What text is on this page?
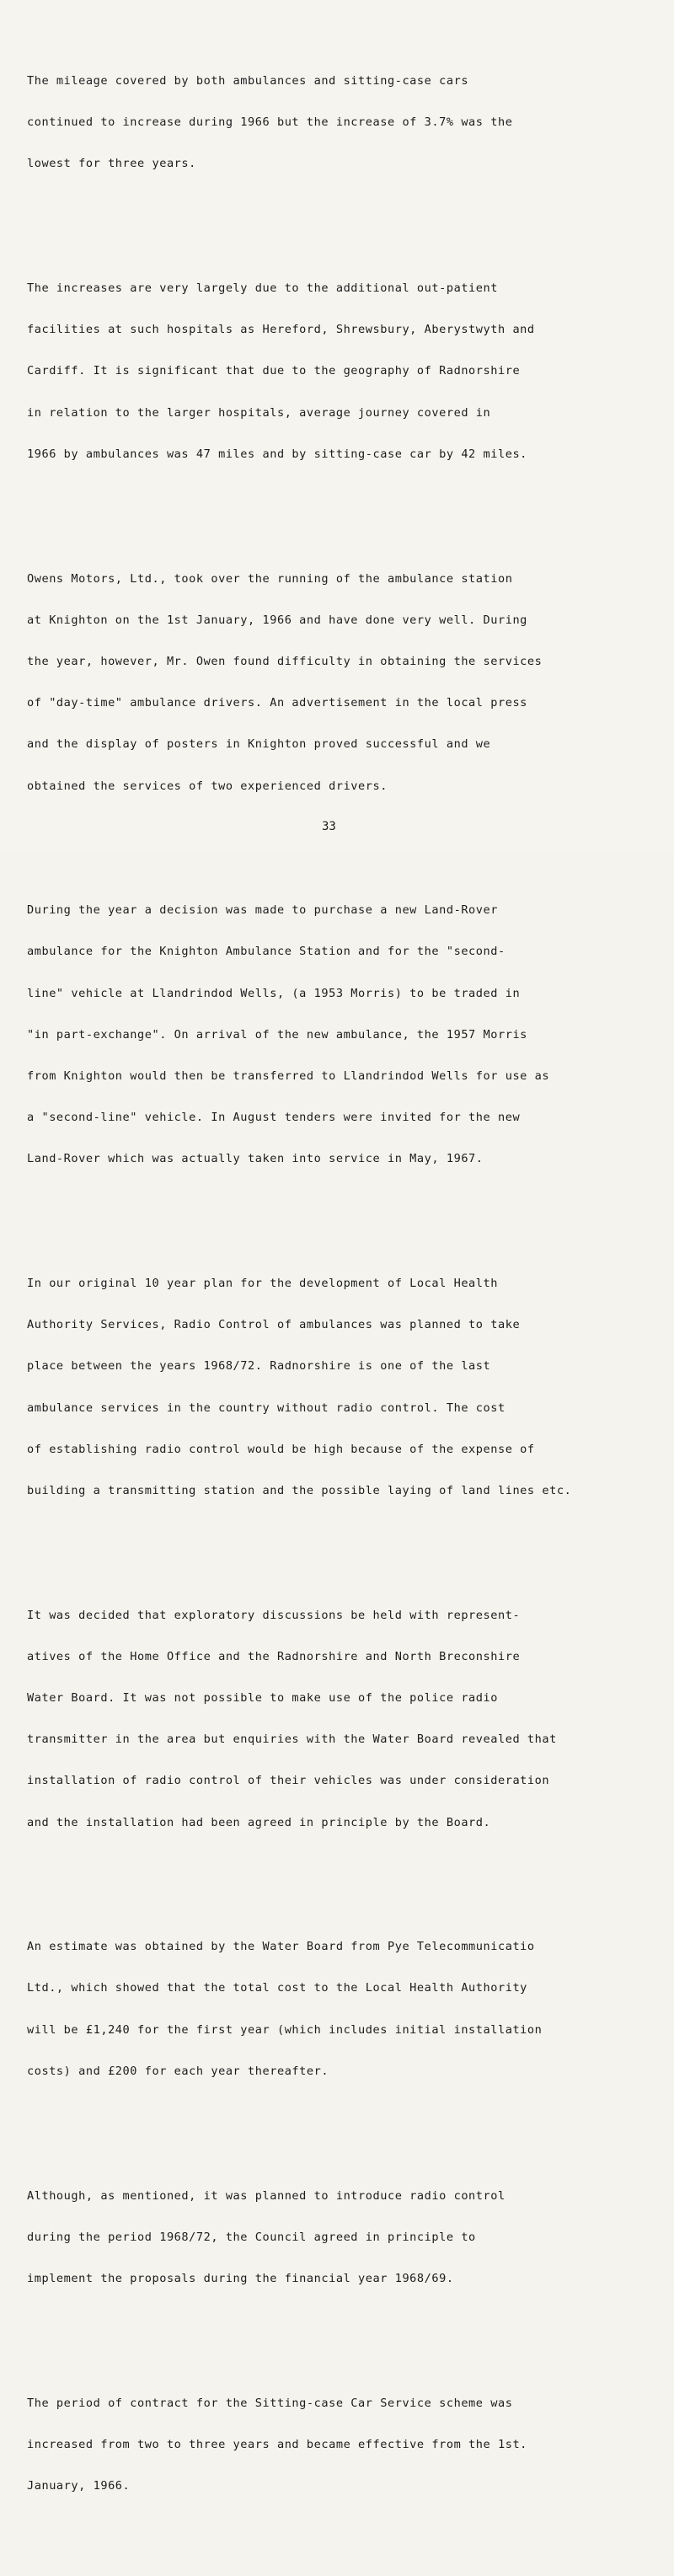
The mileage covered by both ambulances and sitting-case cars

continued to increase during 1966 but the increase of 3.7% was the

lowest for three years.

The increases are very largely due to the additional out-patient

facilities at such hospitals as Hereford, Shrewsbury, Aberystwyth and

Cardiff. It is significant that due to the geography of Radnorshire

in relation to the larger hospitals, average journey covered in

1966 by ambulances was 47 miles and by sitting-case car by 42 miles.

Owens Motors, Ltd., took over the running of the ambulance station

at Knighton on the 1st January, 1966 and have done very well. During

the year, however, Mr. Owen found difficulty in obtaining the services

of "day-time" ambulance drivers. An advertisement in the local press

and the display of posters in Knighton proved successful and we

obtained the services of two experienced drivers.

During the year a decision was made to purchase a new Land-Rover

ambulance for the Knighton Ambulance Station and for the "second-

line" vehicle at Llandrindod Wells, (a 1953 Morris) to be traded in

"in part-exchange". On arrival of the new ambulance, the 1957 Morris

from Knighton would then be transferred to Llandrindod Wells for use as

a "second-line" vehicle. In August tenders were invited for the new

Land-Rover which was actually taken into service in May, 1967.

In our original 10 year plan for the development of Local Health

Authority Services, Radio Control of ambulances was planned to take

place between the years 1968/72. Radnorshire is one of the last

ambulance services in the country without radio control. The cost

of establishing radio control would be high because of the expense of

building a transmitting station and the possible laying of land lines etc.

It was decided that exploratory discussions be held with represent-

atives of the Home Office and the Radnorshire and North Breconshire

Water Board. It was not possible to make use of the police radio

transmitter in the area but enquiries with the Water Board revealed that

installation of radio control of their vehicles was under consideration

and the installation had been agreed in principle by the Board.

An estimate was obtained by the Water Board from Pye Telecommunicatio

Ltd., which showed that the total cost to the Local Health Authority

will be £1,240 for the first year (which includes initial installation

costs) and £200 for each year thereafter.

Although, as mentioned, it was planned to introduce radio control

during the period 1968/72, the Council agreed in principle to

implement the proposals during the financial year 1968/69.

The period of contract for the Sitting-case Car Service scheme was

increased from two to three years and became effective from the 1st.

January, 1966.

33
